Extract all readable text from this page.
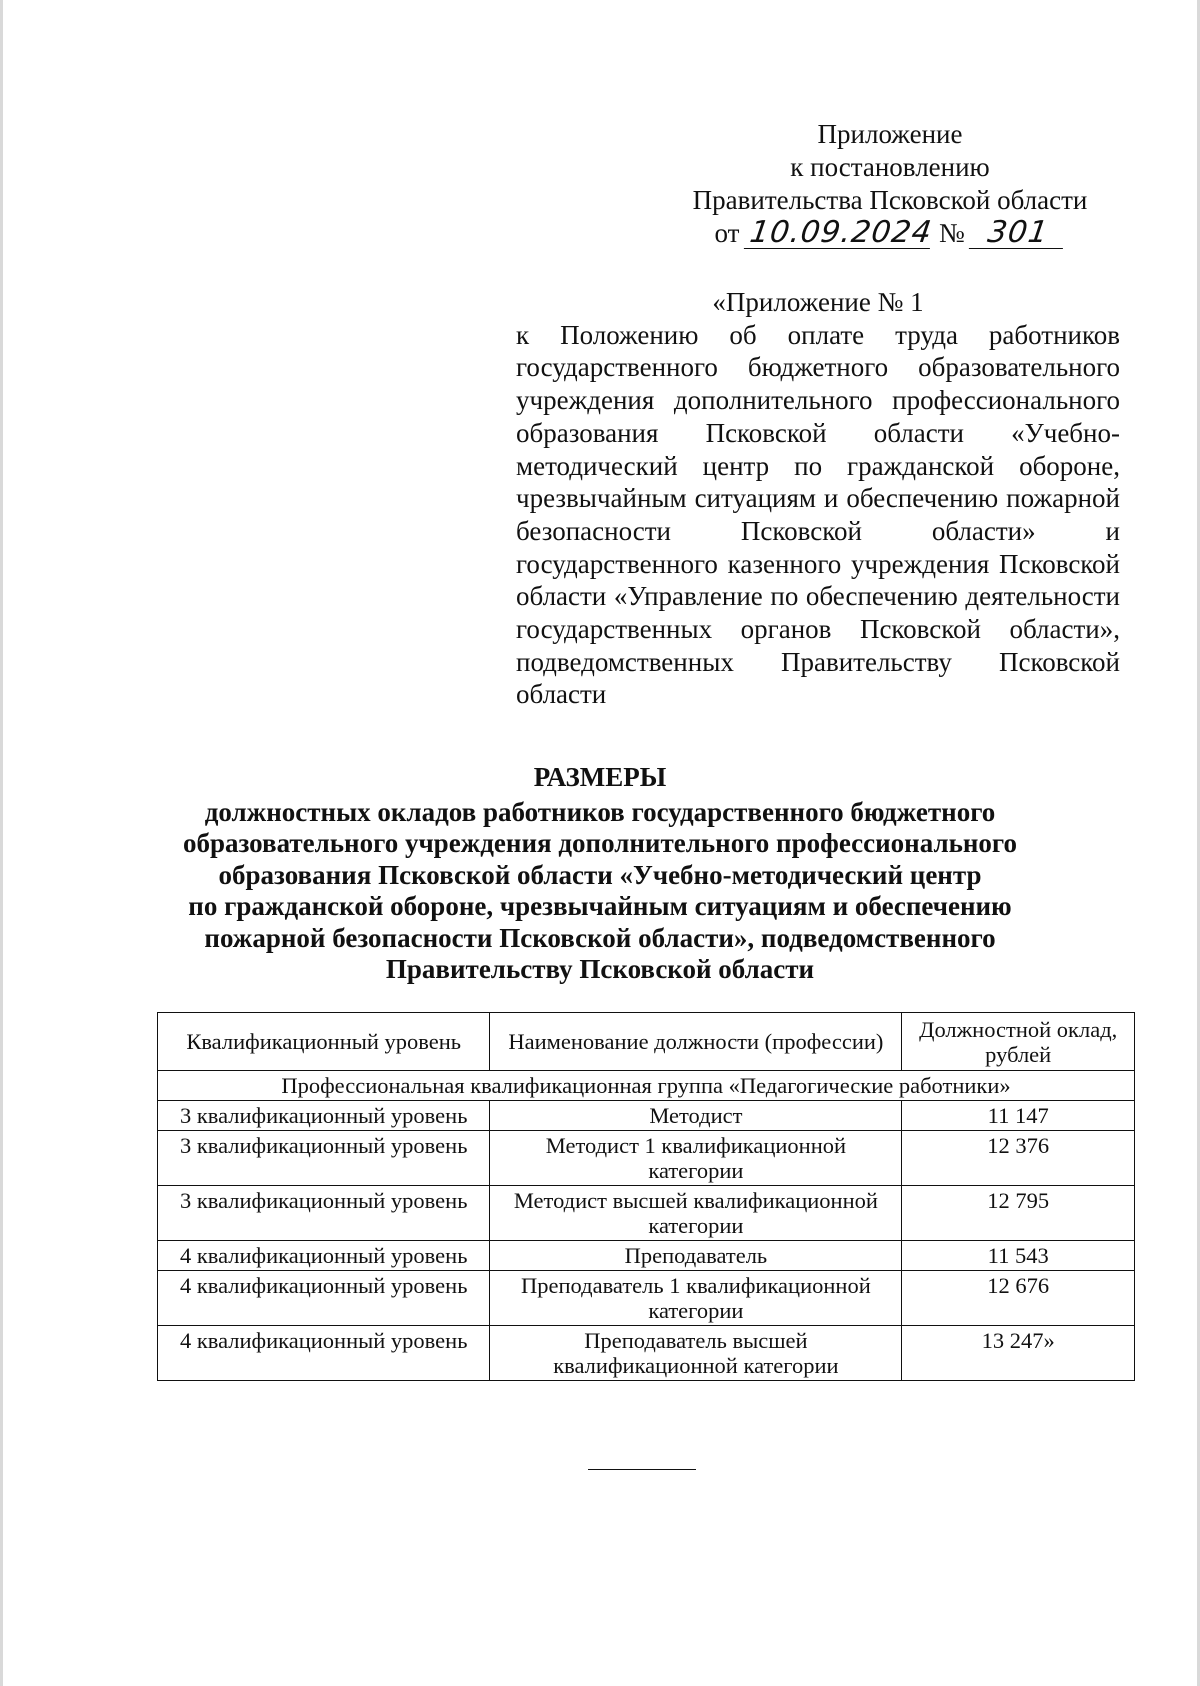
Приложение
к постановлению
Правительства Псковской области
от 10.09.2024 № 301
«Приложение № 1
к Положению об оплате труда работников государственного бюджетного образовательного учреждения дополнительного профессионального образования Псковской области «Учебно-методический центр по гражданской обороне, чрезвычайным ситуациям и обеспечению пожарной безопасности Псковской области» и государственного казенного учреждения Псковской области «Управление по обеспечению деятельности государственных органов Псковской области», подведомственных Правительству Псковской области
РАЗМЕРЫ
должностных окладов работников государственного бюджетного
образовательного учреждения дополнительного профессионального
образования Псковской области «Учебно-методический центр
по гражданской обороне, чрезвычайным ситуациям и обеспечению
пожарной безопасности Псковской области», подведомственного
Правительству Псковской области
Квалификационный уровень	Наименование должности (профессии)	Должностной оклад, рублей
Профессиональная квалификационная группа «Педагогические работники»		
3 квалификационный уровень	Методист	11 147
3 квалификационный уровень	Методист 1 квалификационной категории	12 376
3 квалификационный уровень	Методист высшей квалификационной категории	12 795
4 квалификационный уровень	Преподаватель	11 543
4 квалификационный уровень	Преподаватель 1 квалификационной категории	12 676
4 квалификационный уровень	Преподаватель высшей квалификационной категории	13 247»
